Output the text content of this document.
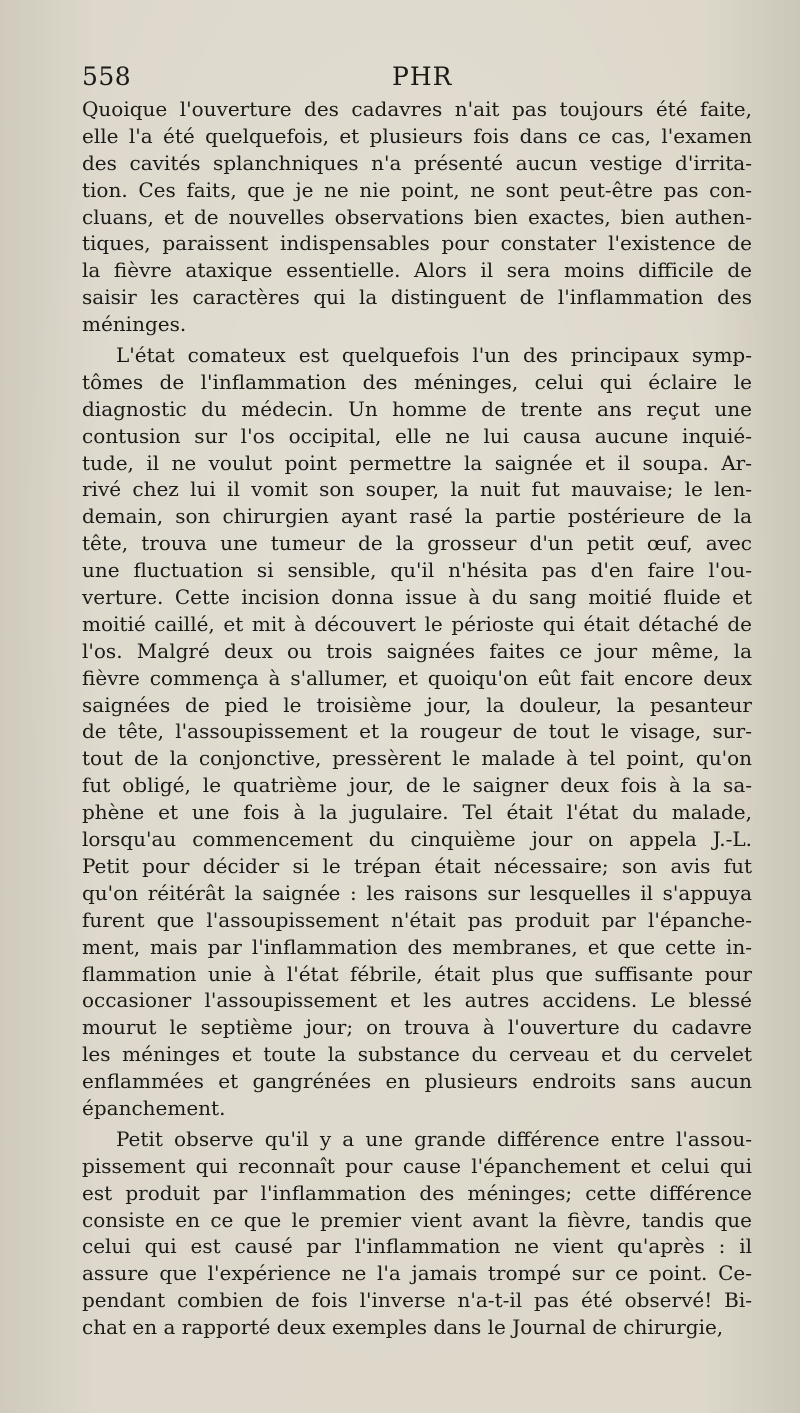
558	PHR
Quoique l'ouverture des cadavres n'ait pas toujours été faite,
elle l'a été quelquefois, et plusieurs fois dans ce cas, l'examen
des cavités splanchniques n'a présenté aucun vestige d'irrita-
tion. Ces faits, que je ne nie point, ne sont peut-être pas con-
cluans, et de nouvelles observations bien exactes, bien authen-
tiques, paraissent indispensables pour constater l'existence de
la fièvre ataxique essentielle. Alors il sera moins difficile de
saisir les caractères qui la distinguent de l'inflammation des
méninges.
L'état comateux est quelquefois l'un des principaux symp-
tômes de l'inflammation des méninges, celui qui éclaire le
diagnostic du médecin. Un homme de trente ans reçut une
contusion sur l'os occipital, elle ne lui causa aucune inquié-
tude, il ne voulut point permettre la saignée et il soupa. Ar-
rivé chez lui il vomit son souper, la nuit fut mauvaise; le len-
demain, son chirurgien ayant rasé la partie postérieure de la
tête, trouva une tumeur de la grosseur d'un petit œuf, avec
une fluctuation si sensible, qu'il n'hésita pas d'en faire l'ou-
verture. Cette incision donna issue à du sang moitié fluide et
moitié caillé, et mit à découvert le périoste qui était détaché de
l'os. Malgré deux ou trois saignées faites ce jour même, la
fièvre commença à s'allumer, et quoiqu'on eût fait encore deux
saignées de pied le troisième jour, la douleur, la pesanteur
de tête, l'assoupissement et la rougeur de tout le visage, sur-
tout de la conjonctive, pressèrent le malade à tel point, qu'on
fut obligé, le quatrième jour, de le saigner deux fois à la sa-
phène et une fois à la jugulaire. Tel était l'état du malade,
lorsqu'au commencement du cinquième jour on appela J.-L.
Petit pour décider si le trépan était nécessaire; son avis fut
qu'on réitérât la saignée : les raisons sur lesquelles il s'appuya
furent que l'assoupissement n'était pas produit par l'épanche-
ment, mais par l'inflammation des membranes, et que cette in-
flammation unie à l'état fébrile, était plus que suffisante pour
occasioner l'assoupissement et les autres accidens. Le blessé
mourut le septième jour; on trouva à l'ouverture du cadavre
les méninges et toute la substance du cerveau et du cervelet
enflammées et gangrénées en plusieurs endroits sans aucun
épanchement.
Petit observe qu'il y a une grande différence entre l'assou-
pissement qui reconnaît pour cause l'épanchement et celui qui
est produit par l'inflammation des méninges; cette différence
consiste en ce que le premier vient avant la fièvre, tandis que
celui qui est causé par l'inflammation ne vient qu'après : il
assure que l'expérience ne l'a jamais trompé sur ce point. Ce-
pendant combien de fois l'inverse n'a-t-il pas été observé! Bi-
chat en a rapporté deux exemples dans le Journal de chirurgie,
